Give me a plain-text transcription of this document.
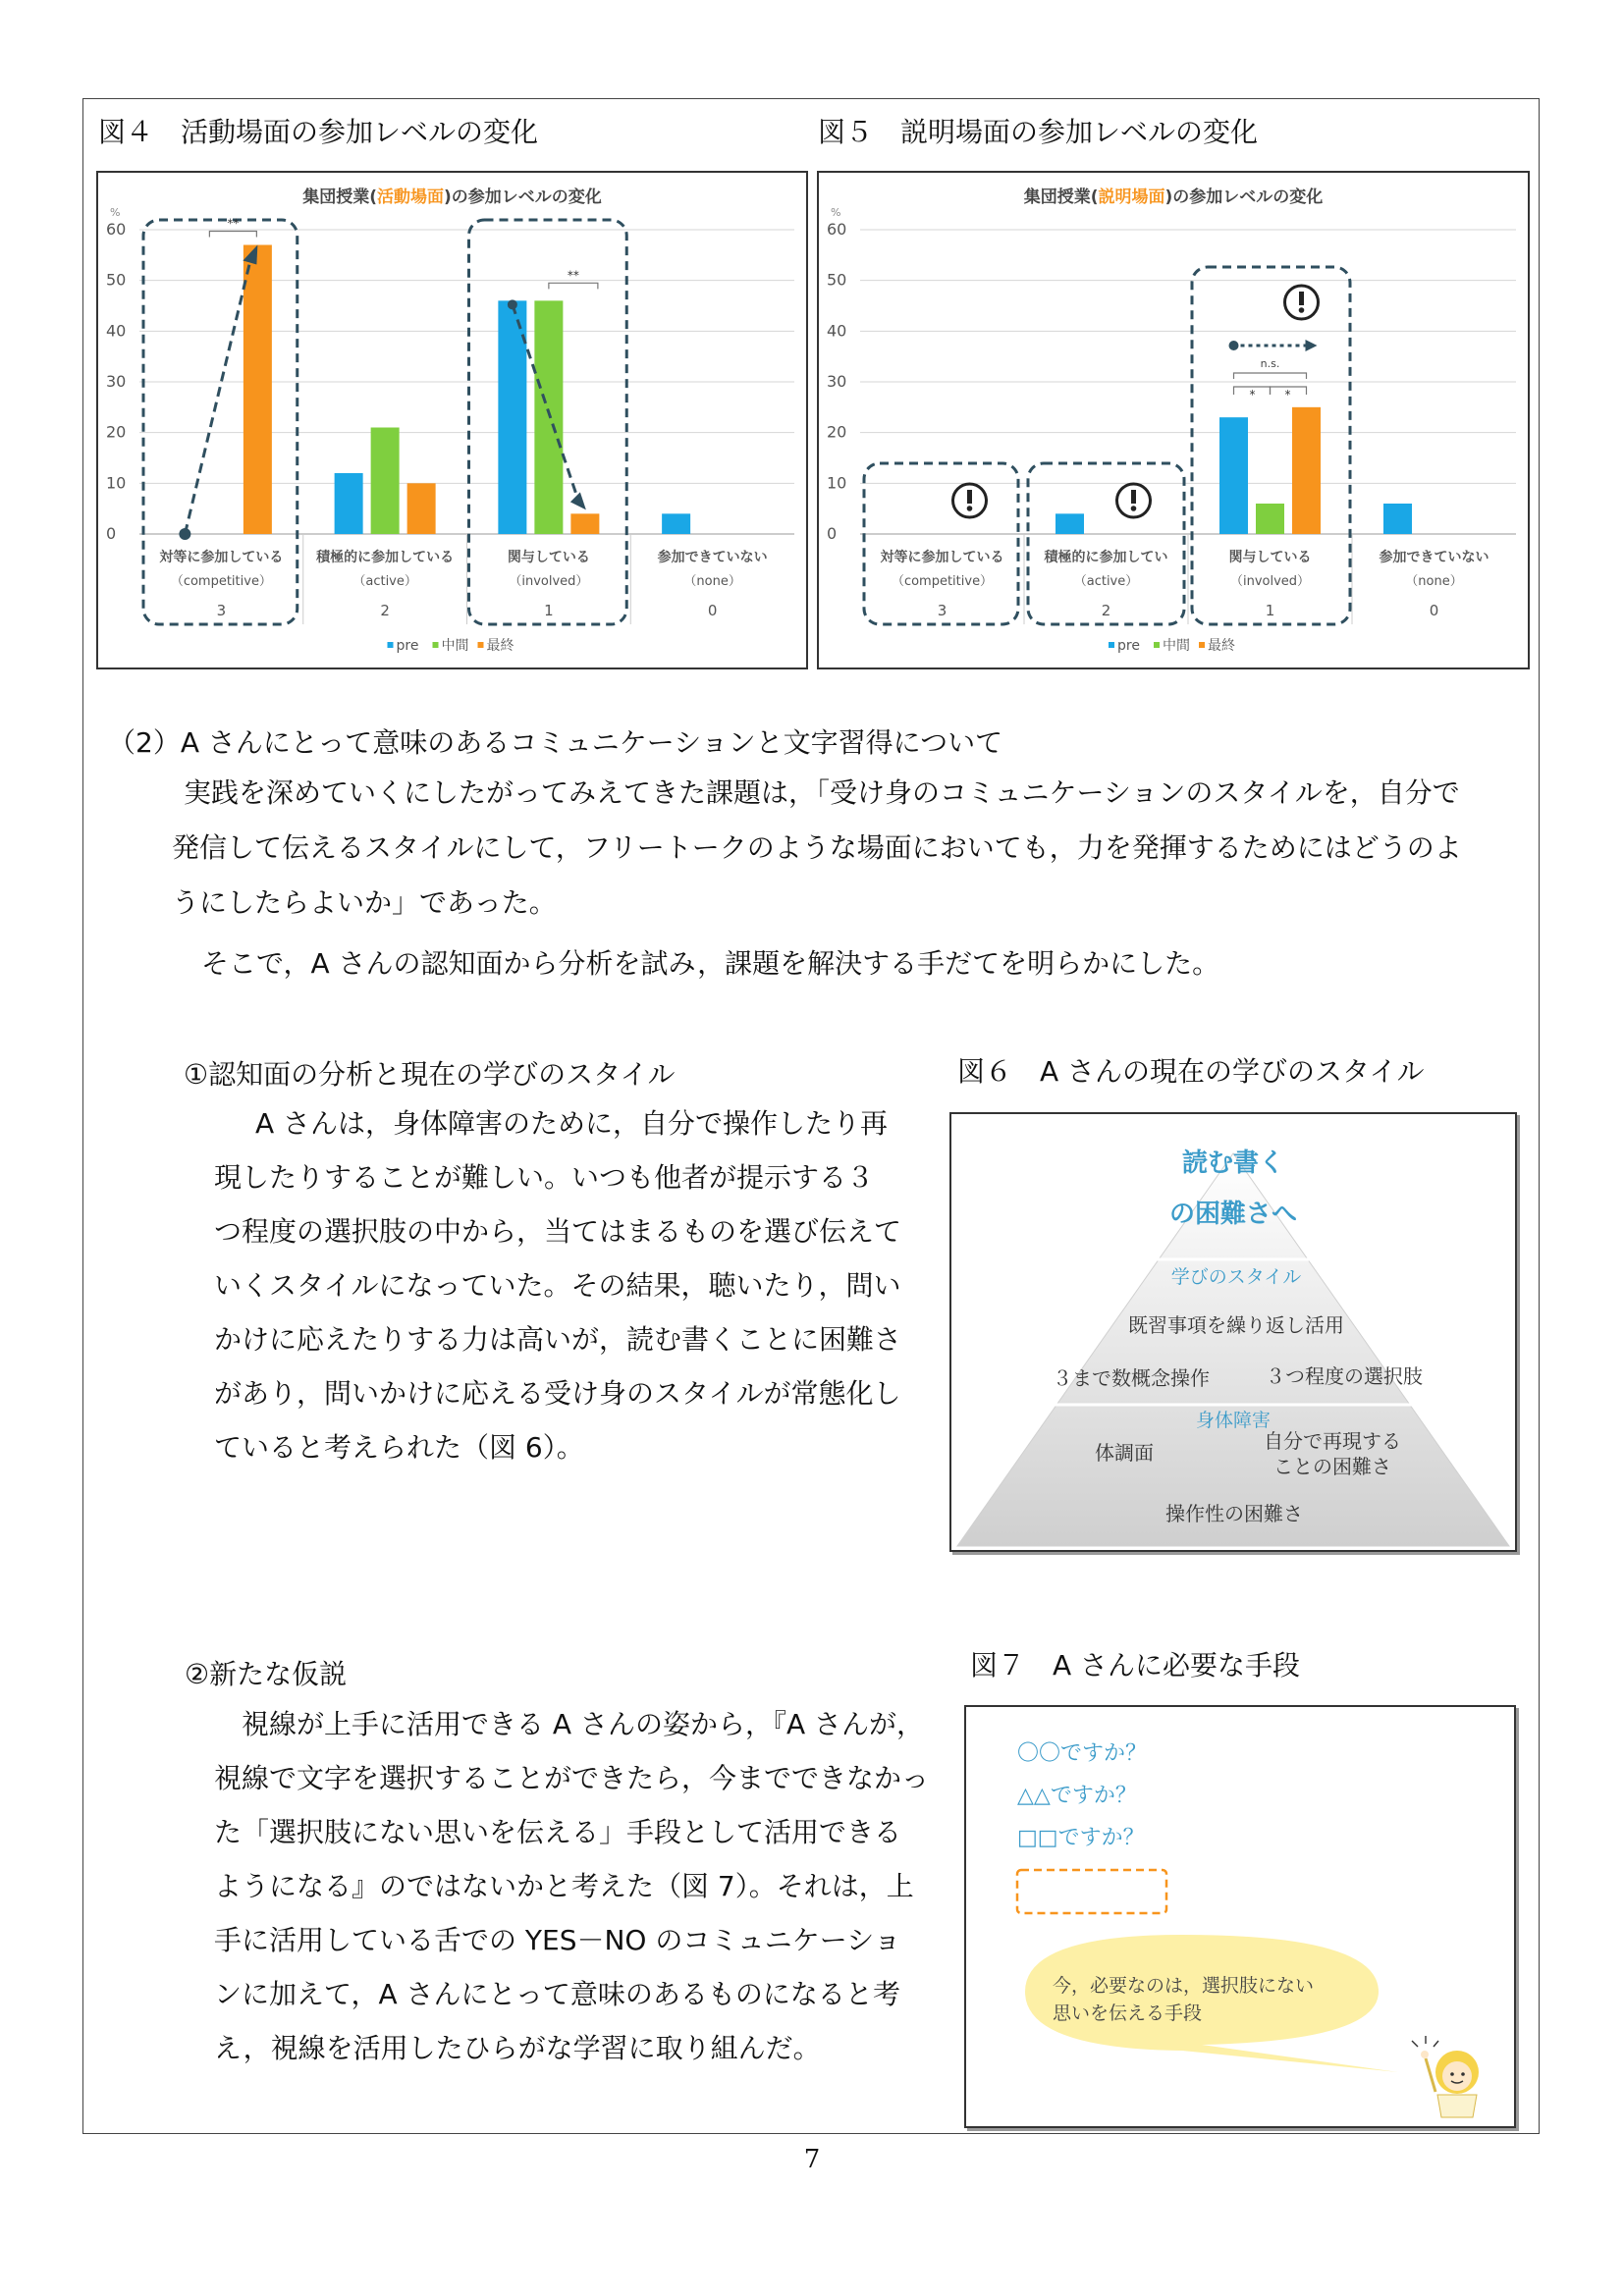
図４　活動場面の参加レベルの変化
集団授業(活動場面)の参加レベルの変化
%
60
50
40
30
20
10
0
対等に参加している
（competitive）
3
積極的に参加している
（active）
2
関与している
（involved）
1
参加できていない
（none）
0
pre 中間 最終
**
**
図５　説明場面の参加レベルの変化
集団授業(説明場面)の参加レベルの変化
%
60
50
40
30
20
10
0
対等に参加している
（competitive）
3
積極的に参加してい
（active）
2
関与している
（involved）
1
参加できていない
（none）
0
pre 中間 最終
n.s.
*	*
（2）A さんにとって意味のあるコミュニケーションと文字習得について
実践を深めていくにしたがってみえてきた課題は，「受け身のコミュニケーションのスタイルを，自分で
発信して伝えるスタイルにして，フリートークのような場面においても，力を発揮するためにはどうのよ
うにしたらよいか」であった。
そこで，A さんの認知面から分析を試み，課題を解決する手だてを明らかにした。
①認知面の分析と現在の学びのスタイル
A さんは，身体障害のために，自分で操作したり再
現したりすることが難しい。いつも他者が提示する３
つ程度の選択肢の中から，当てはまるものを選び伝えて
いくスタイルになっていた。その結果，聴いたり，問い
かけに応えたりする力は高いが，読む書くことに困難さ
があり，問いかけに応える受け身のスタイルが常態化し
ていると考えられた（図 6）。
図６　A さんの現在の学びのスタイル
読む書く
の困難さへ
学びのスタイル
既習事項を繰り返し活用
３まで数概念操作	３つ程度の選択肢
身体障害
体調面	自分で再現する
ことの困難さ
操作性の困難さ
②新たな仮説
視線が上手に活用できる A さんの姿から，『A さんが，
視線で文字を選択することができたら，今までできなかっ
た「選択肢にない思いを伝える」手段として活用できる
ようになる』のではないかと考えた（図 7）。それは，上
手に活用している舌での YES－NO のコミュニケーショ
ンに加えて，A さんにとって意味のあるものになると考
え，視線を活用したひらがな学習に取り組んだ。
図７　A さんに必要な手段
〇〇ですか？
△△ですか？
□□ですか？
今，必要なのは，選択肢にない
思いを伝える手段
7
